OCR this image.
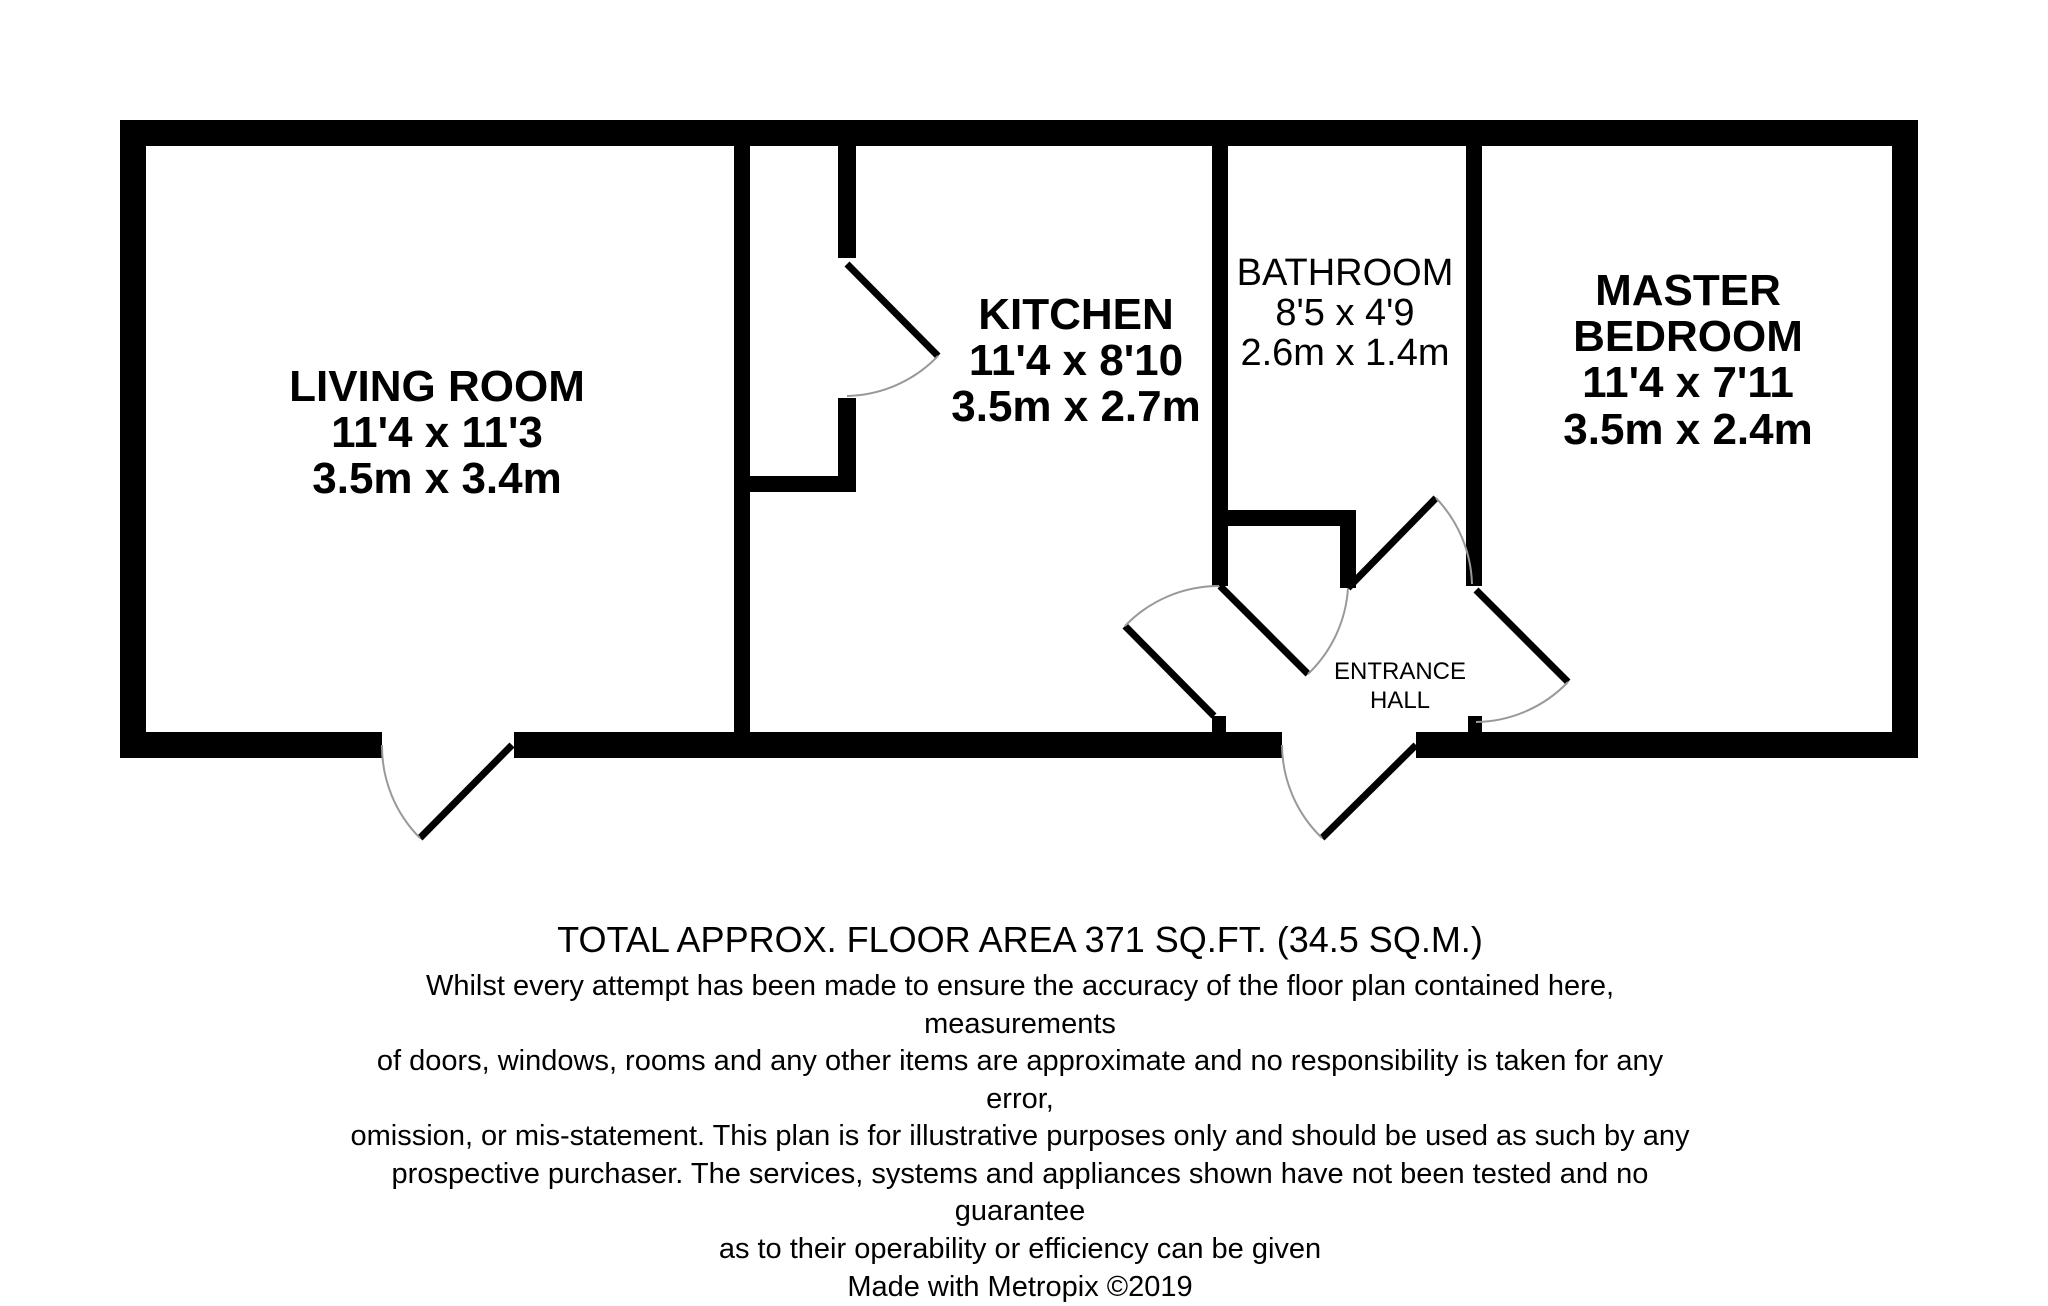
LIVING ROOM
11'4 x 11'3
3.5m x 3.4m
KITCHEN
11'4 x 8'10
3.5m x 2.7m
BATHROOM
8'5 x 4'9
2.6m x 1.4m
MASTER
BEDROOM
11'4 x 7'11
3.5m x 2.4m
ENTRANCE
HALL
TOTAL APPROX. FLOOR AREA 371 SQ.FT. (34.5 SQ.M.)
Whilst every attempt has been made to ensure the accuracy of the floor plan contained here, measurements
of doors, windows, rooms and any other items are approximate and no responsibility is taken for any error,
omission, or mis-statement. This plan is for illustrative purposes only and should be used as such by any
prospective purchaser. The services, systems and appliances shown have not been tested and no guarantee
as to their operability or efficiency can be given
Made with Metropix ©2019
